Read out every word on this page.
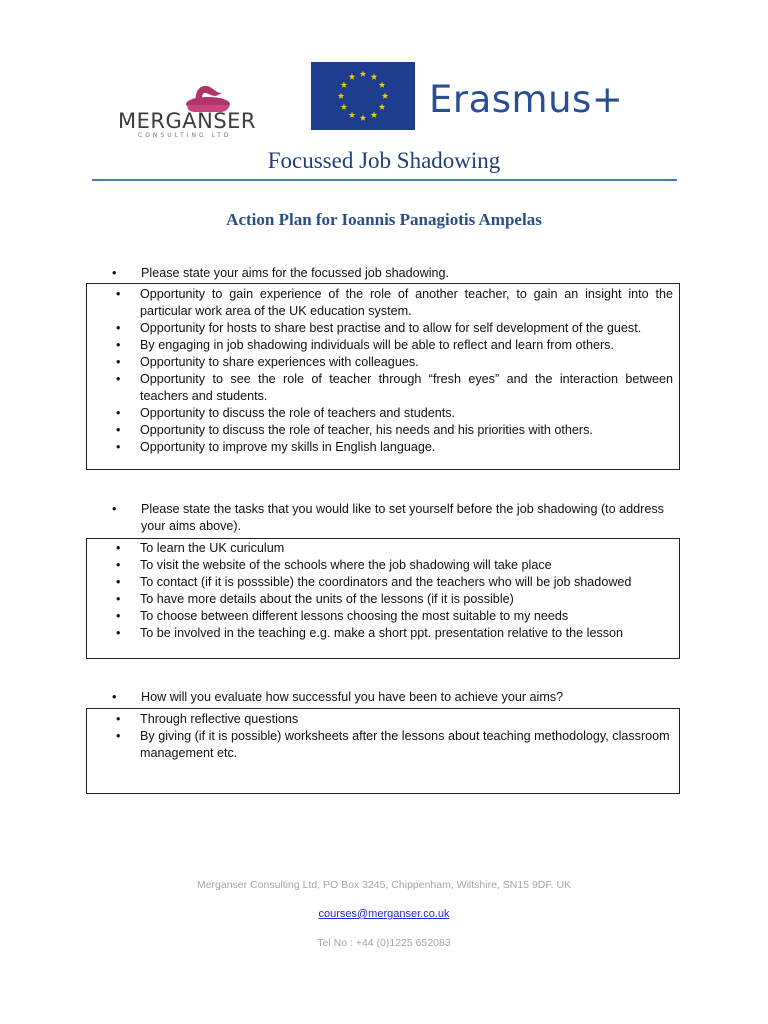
MERGANSER
CONSULTING LTD
Erasmus+
Focussed Job Shadowing
Action Plan for Ioannis Panagiotis Ampelas
•	Please state your aims for the focussed job shadowing.
• Opportunity to gain experience of the role of another teacher, to gain an insight into the particular work area of the UK education system.
• Opportunity for hosts to share best practise and to allow for self development of the guest.
• By engaging in job shadowing individuals will be able to reflect and learn from others.
• Opportunity to share experiences with colleagues.
• Opportunity to see the role of teacher through “fresh eyes” and the interaction between teachers and students.
• Opportunity to discuss the role of teachers and students.
• Opportunity to discuss the role of teacher, his needs and his priorities with others.
• Opportunity to improve my skills in English language.
•	Please state the tasks that you would like to set yourself before the job shadowing (to address your aims above).
• To learn the UK curiculum
• To visit the website of the schools where the job shadowing will take place
• To contact (if it is posssible) the coordinators and the teachers who will be job shadowed
• To have more details about the units of the lessons (if it is possible)
• To choose between different lessons choosing the most suitable to my needs
• To be involved in the teaching e.g. make a short ppt. presentation relative to the lesson
•	How will you evaluate how successful you have been to achieve your aims?
• Through reflective questions
• By giving (if it is possible) worksheets after the lessons about teaching methodology, classroom management etc.
Merganser Consulting Ltd, PO Box 3245, Chippenham, Wiltshire, SN15 9DF. UK
courses@merganser.co.uk
Tel No : +44 (0)1225 652083
